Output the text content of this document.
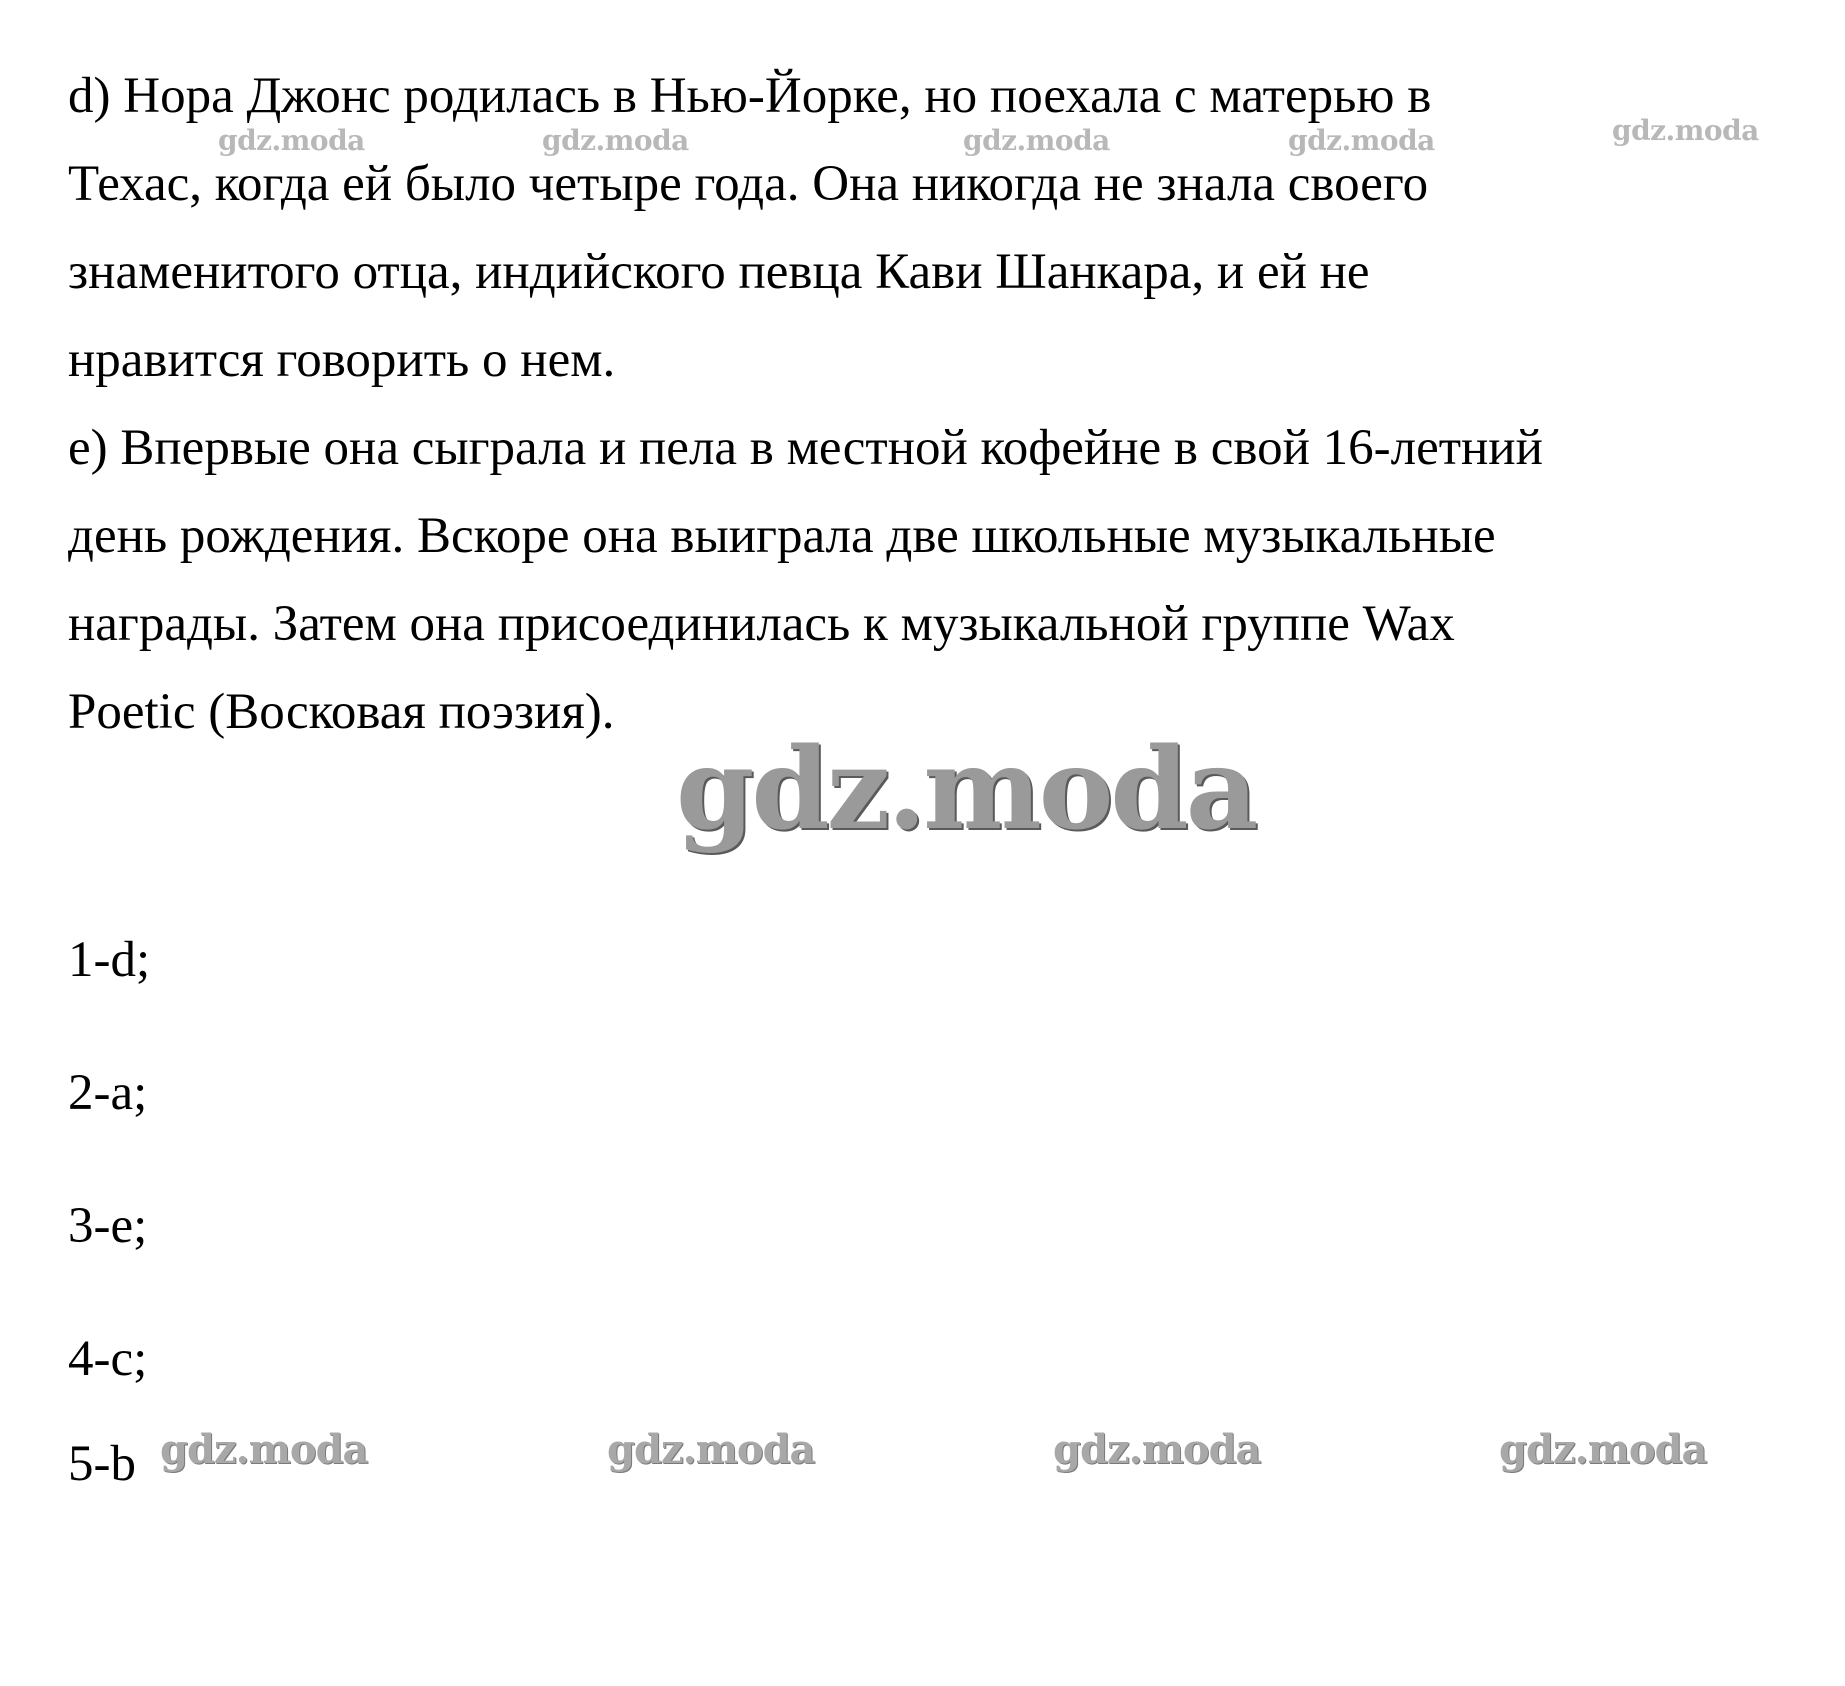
d) Нора Джонс родилась в Нью-Йорке, но поехала с матерью в
Техас, когда ей было четыре года. Она никогда не знала своего
знаменитого отца, индийского певца Кави Шанкара, и ей не
нравится говорить о нем.
e) Впервые она сыграла и пела в местной кофейне в свой 16-летний
день рождения. Вскоре она выиграла две школьные музыкальные
награды. Затем она присоединилась к музыкальной группе Wax
Poetic (Восковая поэзия).
gdz.moda
1-d;
2-a;
3-e;
4-c;
5-b
gdz.moda	gdz.moda	gdz.moda	gdz.moda	gdz.moda
gdz.moda	gdz.moda	gdz.moda	gdz.moda
